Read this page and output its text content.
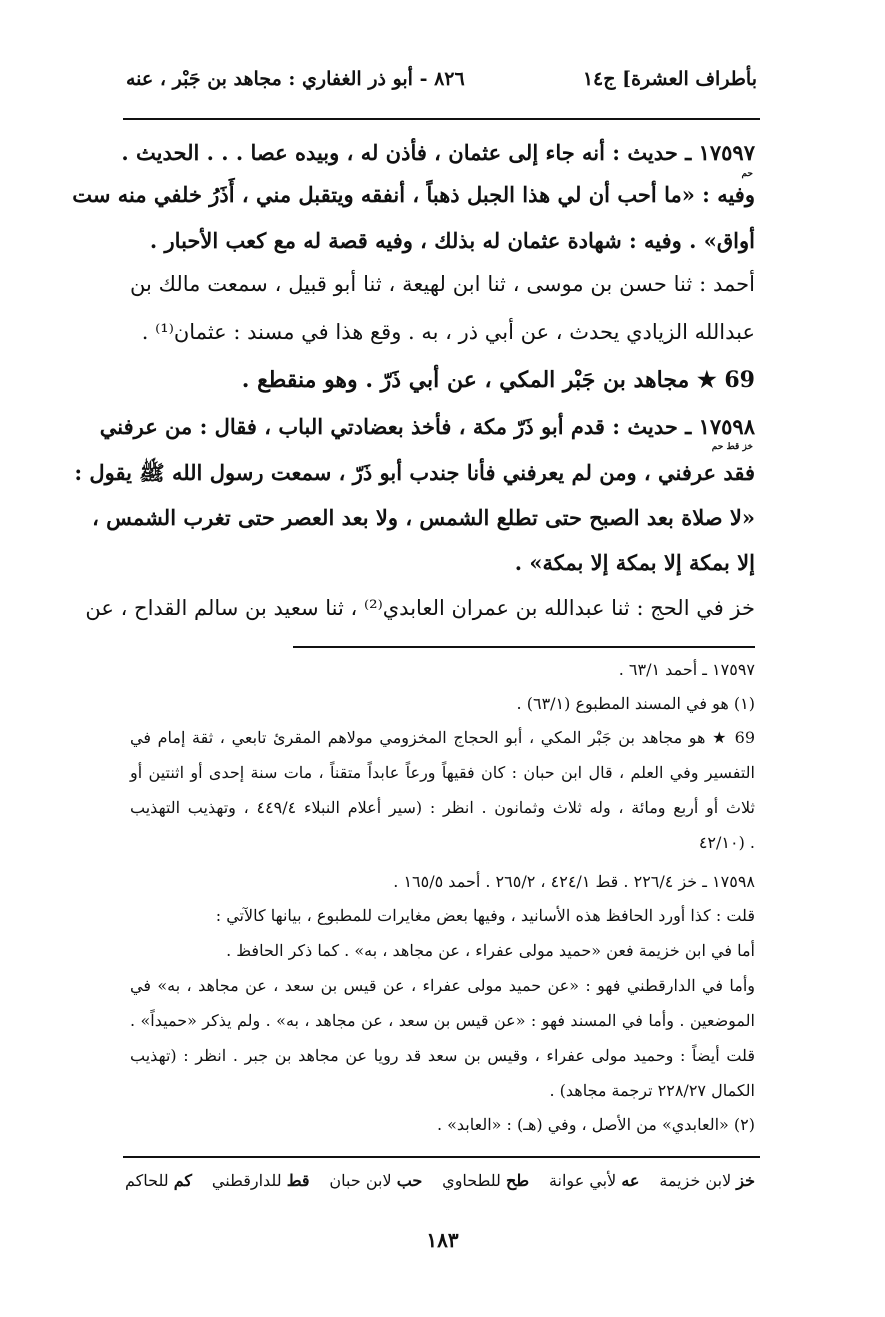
بأطراف العشرة] ج١٤
٨٢٦ - أبو ذر الغفاري : مجاهد بن جَبْر ، عنه
١٧٥٩٧ ـ حديث : أنه جاء إلى عثمان ، فأذن له ، وبيده عصا . . . الحديث .
حم
وفيه : «ما أحب أن لي هذا الجبل ذهباً ، أنفقه ويتقبل مني ، أَذَرُ خلفي منه ست
أواق» . وفيه : شهادة عثمان له بذلك ، وفيه قصة له مع كعب الأحبار .
أحمد : ثنا حسن بن موسى ، ثنا ابن لهيعة ، ثنا أبو قبيل ، سمعت مالك بن
عبدالله الزيادي يحدث ، عن أبي ذر ، به . وقع هذا في مسند : عثمان⁽¹⁾ .
69 ★ مجاهد بن جَبْر المكي ، عن أبي ذَرّ . وهو منقطع .
١٧٥٩٨ ـ حديث : قدم أبو ذَرّ مكة ، فأخذ بعضادتي الباب ، فقال : من عرفني
خز قط حم
فقد عرفني ، ومن لم يعرفني فأنا جندب أبو ذَرّ ، سمعت رسول الله ﷺ يقول :
«لا صلاة بعد الصبح حتى تطلع الشمس ، ولا بعد العصر حتى تغرب الشمس ،
إلا بمكة إلا بمكة إلا بمكة» .
خز في الحج : ثنا عبدالله بن عمران العابدي⁽²⁾ ، ثنا سعيد بن سالم القداح ، عن
١٧٥٩٧ ـ أحمد ٦٣/١ .
(١) هو في المسند المطبوع (٦٣/١) .
69 ★ هو مجاهد بن جَبْر المكي ، أبو الحجاج المخزومي مولاهم المقرئ تابعي ، ثقة إمام في
التفسير وفي العلم ، قال ابن حبان : كان فقيهاً ورعاً عابداً متقناً ، مات سنة إحدى أو اثنتين أو
ثلاث أو أربع ومائة ، وله ثلاث وثمانون . انظر : (سير أعلام النبلاء ٤٤٩/٤ ، وتهذيب التهذيب
٤٢/١٠) .
١٧٥٩٨ ـ خز ٢٢٦/٤ . قط ٤٢٤/١ ، ٢٦٥/٢ . أحمد ١٦٥/٥ .
قلت : كذا أورد الحافظ هذه الأسانيد ، وفيها بعض مغايرات للمطبوع ، بيانها كالآتي :
أما في ابن خزيمة فعن «حميد مولى عفراء ، عن مجاهد ، به» . كما ذكر الحافظ .
وأما في الدارقطني فهو : «عن حميد مولى عفراء ، عن قيس بن سعد ، عن مجاهد ، به» في
الموضعين . وأما في المسند فهو : «عن قيس بن سعد ، عن مجاهد ، به» . ولم يذكر «حميداً» .
قلت أيضاً : وحميد مولى عفراء ، وقيس بن سعد قد رويا عن مجاهد بن جبر . انظر : (تهذيب
الكمال ٢٢٨/٢٧ ترجمة مجاهد) .
(٢) «العابدي» من الأصل ، وفي (هـ) : «العابد» .
خز لابن خزيمة
عه لأبي عوانة
طح للطحاوي
حب لابن حبان
قط للدارقطني
كم للحاكم
١٨٣
